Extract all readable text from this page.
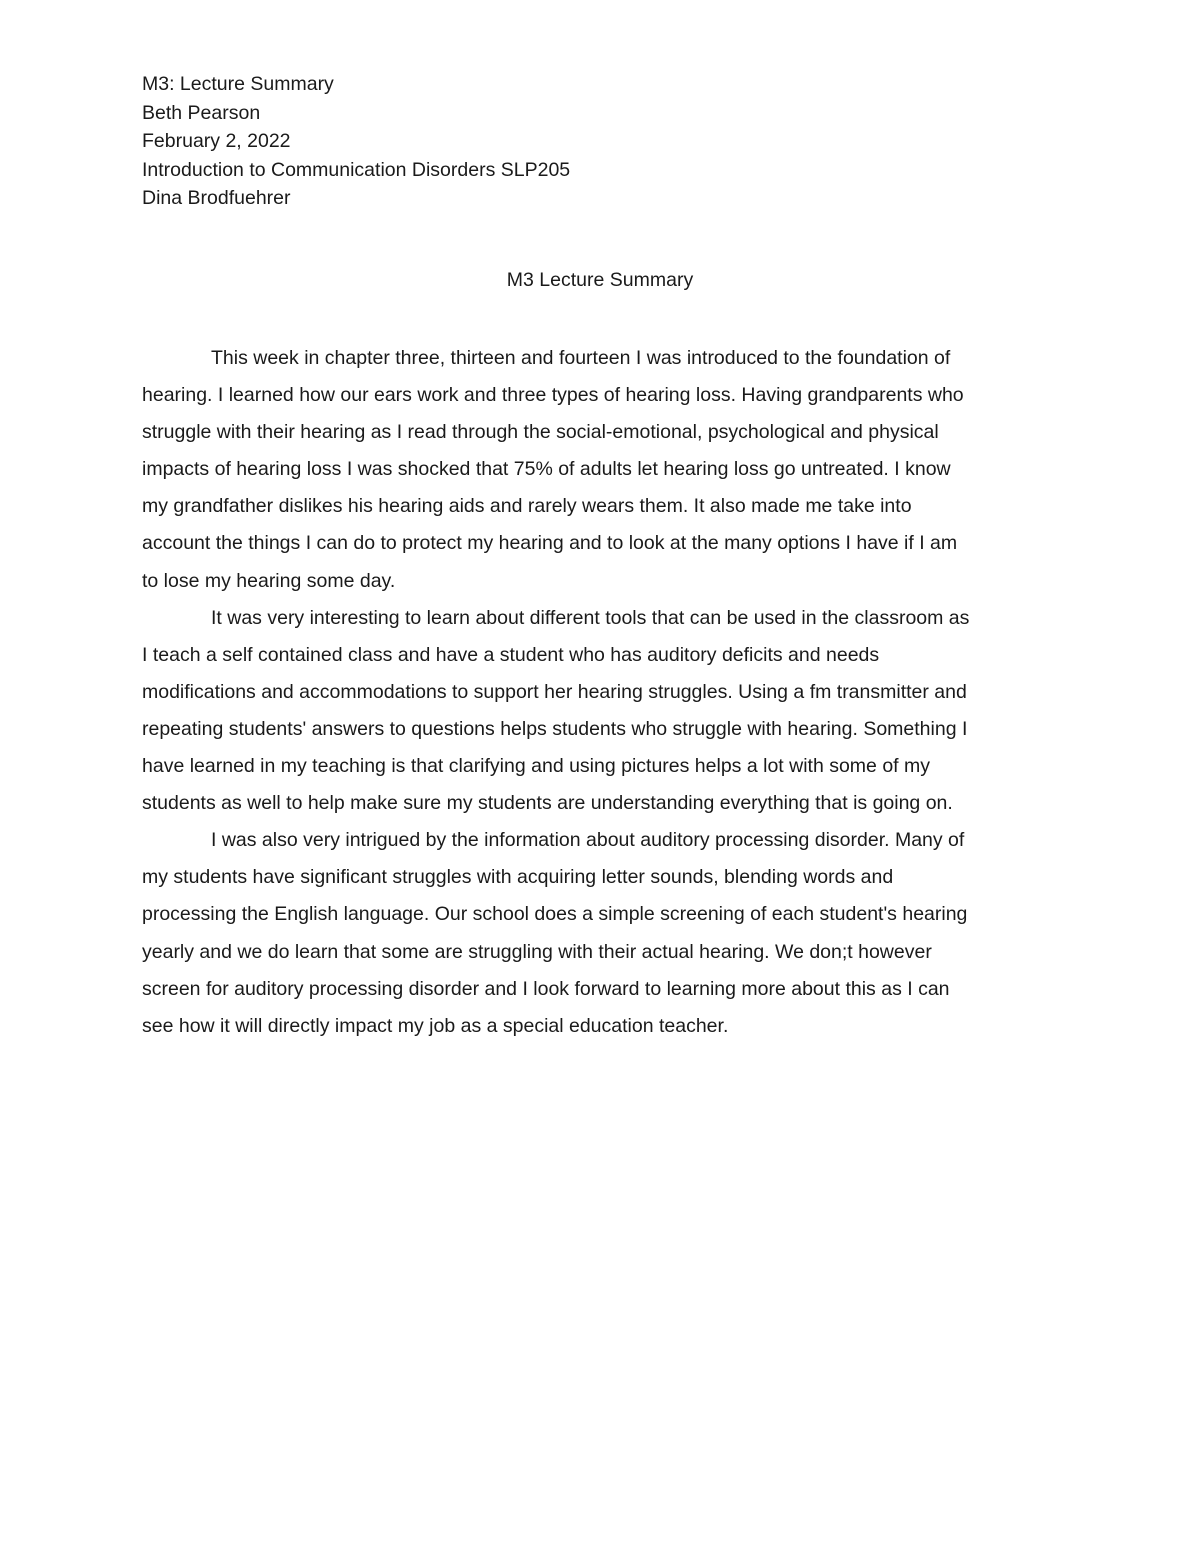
M3: Lecture Summary
Beth Pearson
February 2, 2022
Introduction to Communication Disorders SLP205
Dina Brodfuehrer
M3 Lecture Summary

This week in chapter three, thirteen and fourteen I was introduced to the foundation of
hearing. I learned how our ears work and three types of hearing loss. Having grandparents who
struggle with their hearing as I read through the social-emotional, psychological and physical
impacts of hearing loss I was shocked that 75% of adults let hearing loss go untreated. I know
my grandfather dislikes his hearing aids and rarely wears them. It also made me take into
account the things I can do to protect my hearing and to look at the many options I have if I am
to lose my hearing some day.

It was very interesting to learn about different tools that can be used in the classroom as
I teach a self contained class and have a student who has auditory deficits and needs
modifications and accommodations to support her hearing struggles. Using a fm transmitter and
repeating students' answers to questions helps students who struggle with hearing. Something I
have learned in my teaching is that clarifying and using pictures helps a lot with some of my
students as well to help make sure my students are understanding everything that is going on.

I was also very intrigued by the information about auditory processing disorder. Many of
my students have significant struggles with acquiring letter sounds, blending words and
processing the English language. Our school does a simple screening of each student's hearing
yearly and we do learn that some are struggling with their actual hearing. We don;t however
screen for auditory processing disorder and I look forward to learning more about this as I can
see how it will directly impact my job as a special education teacher.
